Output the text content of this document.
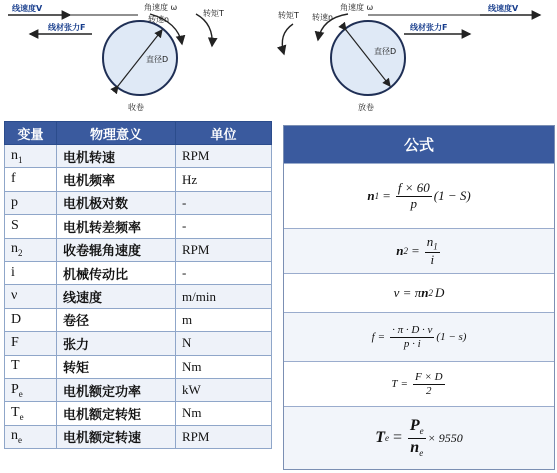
线速度V
线材张力F
直径D
收卷
角速度 ω
转速n
转矩T	转矩T 转速n
角速度 ω
直径D
放卷
线速度V
线材张力F
变量	物理意义	单位
$n_1$	电机转速	RPM
f	电机频率	Hz
p	电机极对数	-
S	电机转差频率	-
$n_2$	收卷辊角速度	RPM
i	机械传动比	-
ν	线速度	m/min
D	卷径	m
F	张力	N
T	转矩	Nm
$P_e$	电机额定功率	kW
$T_e$	电机额定转矩	Nm
$n_e$	电机额定转速	RPM
公式
n $1 = \frac{f \times 60}{p} (1 - S)$
n $2 = \frac{n_1}{i}$
ν = π n 2 D
$f = \frac{\cdot \pi \cdot D \cdot \nu}{p \cdot i} (1 - s)$
$T = \frac{F \times D}{2}$
T $e = \frac{P_e}{n_e} \times 9550$
